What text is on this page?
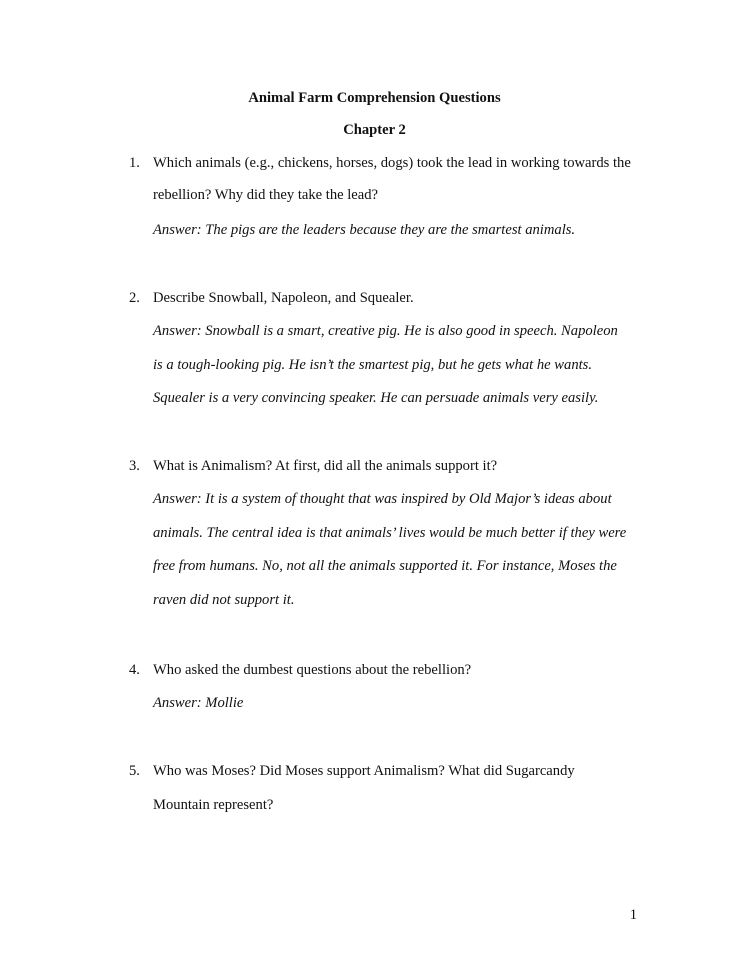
Animal Farm Comprehension Questions

Chapter 2

1. Which animals (e.g., chickens, horses, dogs) took the lead in working towards the
rebellion? Why did they take the lead?
Answer: The pigs are the leaders because they are the smartest animals.
2. Describe Snowball, Napoleon, and Squealer.
Answer: Snowball is a smart, creative pig. He is also good in speech. Napoleon
is a tough-looking pig. He isn’t the smartest pig, but he gets what he wants.
Squealer is a very convincing speaker. He can persuade animals very easily.
3. What is Animalism? At first, did all the animals support it?
Answer: It is a system of thought that was inspired by Old Major’s ideas about
animals. The central idea is that animals’ lives would be much better if they were
free from humans. No, not all the animals supported it. For instance, Moses the
raven did not support it.
4. Who asked the dumbest questions about the rebellion?
Answer: Mollie
5. Who was Moses? Did Moses support Animalism? What did Sugarcandy
Mountain represent?
1
